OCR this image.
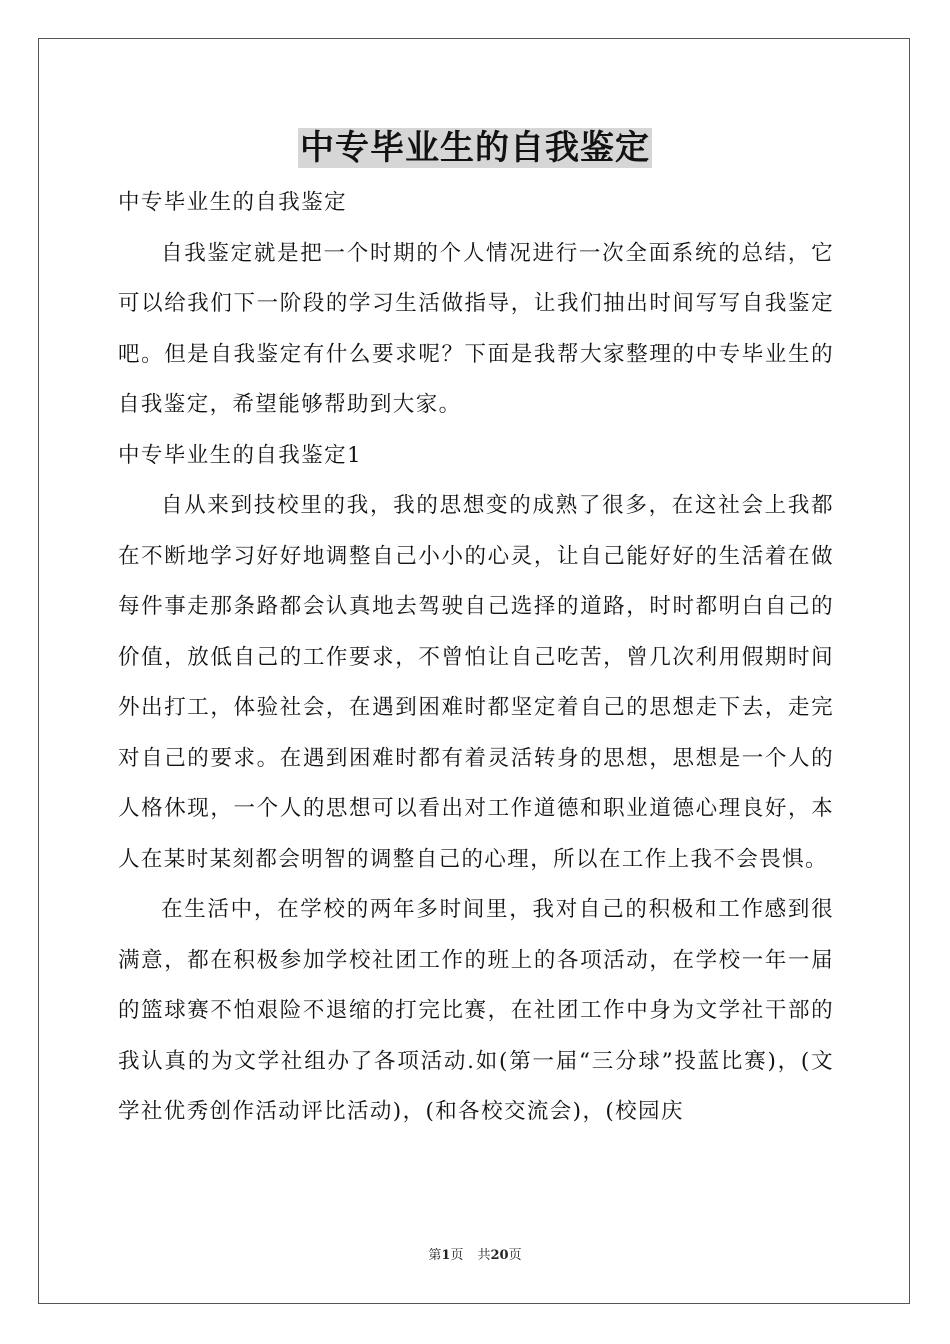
中专毕业生的自我鉴定

中专毕业生的自我鉴定

自我鉴定就是把一个时期的个人情况进行一次全面系统的总结，它可以给我们下一阶段的学习生活做指导，让我们抽出时间写写自我鉴定吧。但是自我鉴定有什么要求呢？下面是我帮大家整理的中专毕业生的自我鉴定，希望能够帮助到大家。

中专毕业生的自我鉴定1

自从来到技校里的我，我的思想变的成熟了很多，在这社会上我都在不断地学习好好地调整自己小小的心灵，让自己能好好的生活着在做每件事走那条路都会认真地去驾驶自己选择的道路，时时都明白自己的价值，放低自己的工作要求，不曾怕让自己吃苦，曾几次利用假期时间外出打工，体验社会，在遇到困难时都坚定着自己的思想走下去，走完对自己的要求。在遇到困难时都有着灵活转身的思想，思想是一个人的人格休现，一个人的思想可以看出对工作道德和职业道德心理良好，本人在某时某刻都会明智的调整自己的心理，所以在工作上我不会畏惧。

在生活中，在学校的两年多时间里，我对自己的积极和工作感到很满意，都在积极参加学校社团工作的班上的各项活动，在学校一年一届的篮球赛不怕艰险不退缩的打完比赛，在社团工作中身为文学社干部的我认真的为文学社组办了各项活动.如(第一届“三分球”投蓝比赛)，(文学社优秀创作活动评比活动)，(和各校交流会)，(校园庆

第1页 共20页
